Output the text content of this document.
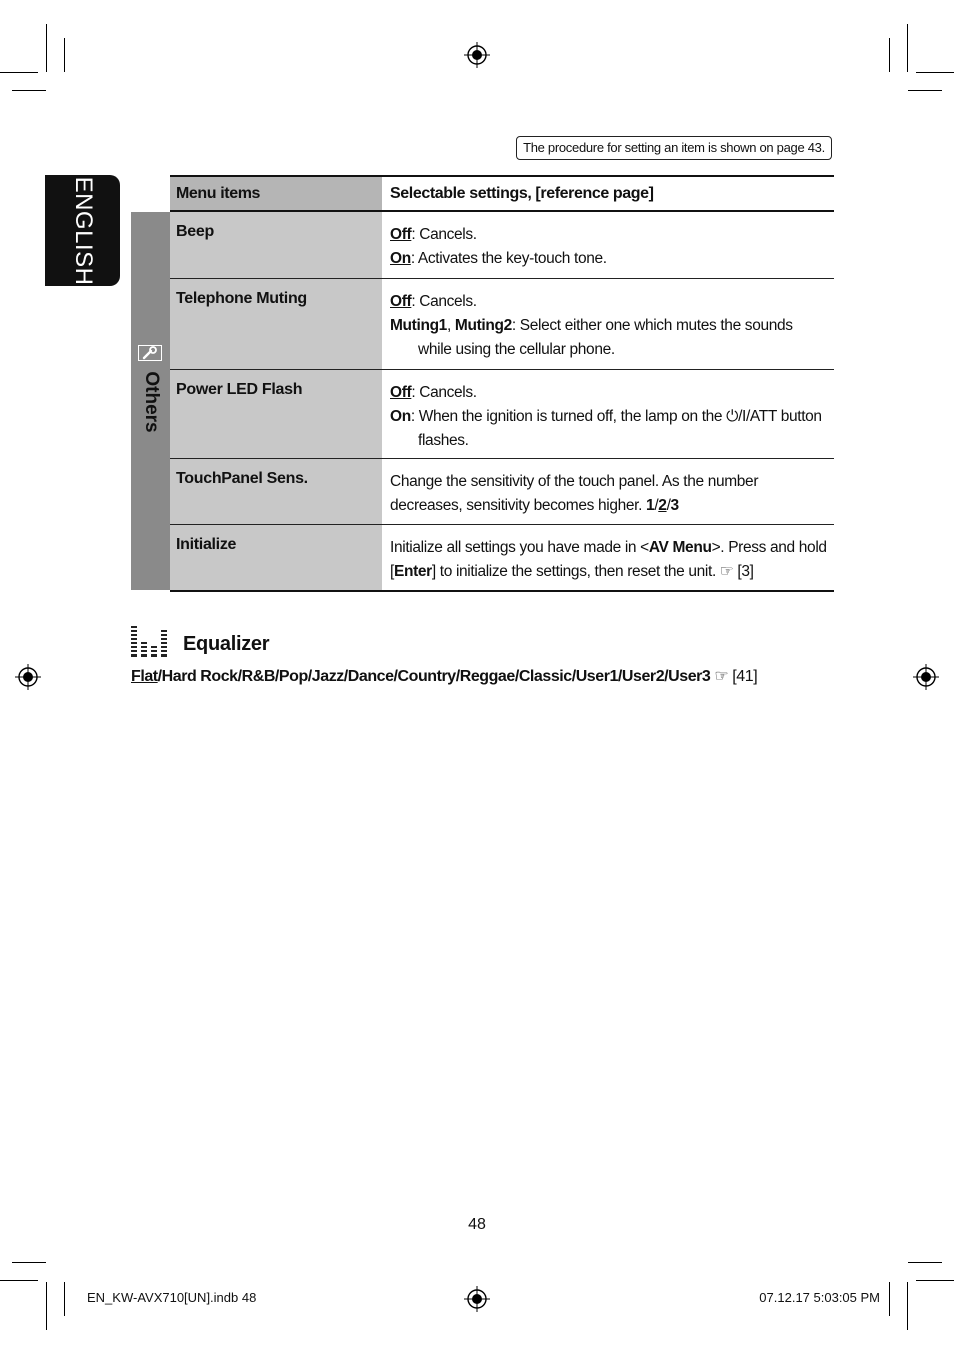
The procedure for setting an item is shown on page 43.
ENGLISH	Menu items	Selectable settings, [reference page]
Others
Beep	Off: Cancels.
On: Activates the key-touch tone.
Telephone Muting	Off: Cancels.
Muting1, Muting2: Select either one which mutes the sounds while using the cellular phone.
Power LED Flash	Off: Cancels.
On: When the ignition is turned off, the lamp on the ⏻/I/ATT button flashes.
TouchPanel Sens.	Change the sensitivity of the touch panel. As the number decreases, sensitivity becomes higher. 1/2/3
Initialize	Initialize all settings you have made in <AV Menu>. Press and hold [Enter] to initialize the settings, then reset the unit. ☞ [3]
Equalizer
Flat/Hard Rock/R&B/Pop/Jazz/Dance/Country/Reggae/Classic/User1/User2/User3 ☞ [41]
48
EN_KW-AVX710[UN].indb 48	07.12.17 5:03:05 PM
